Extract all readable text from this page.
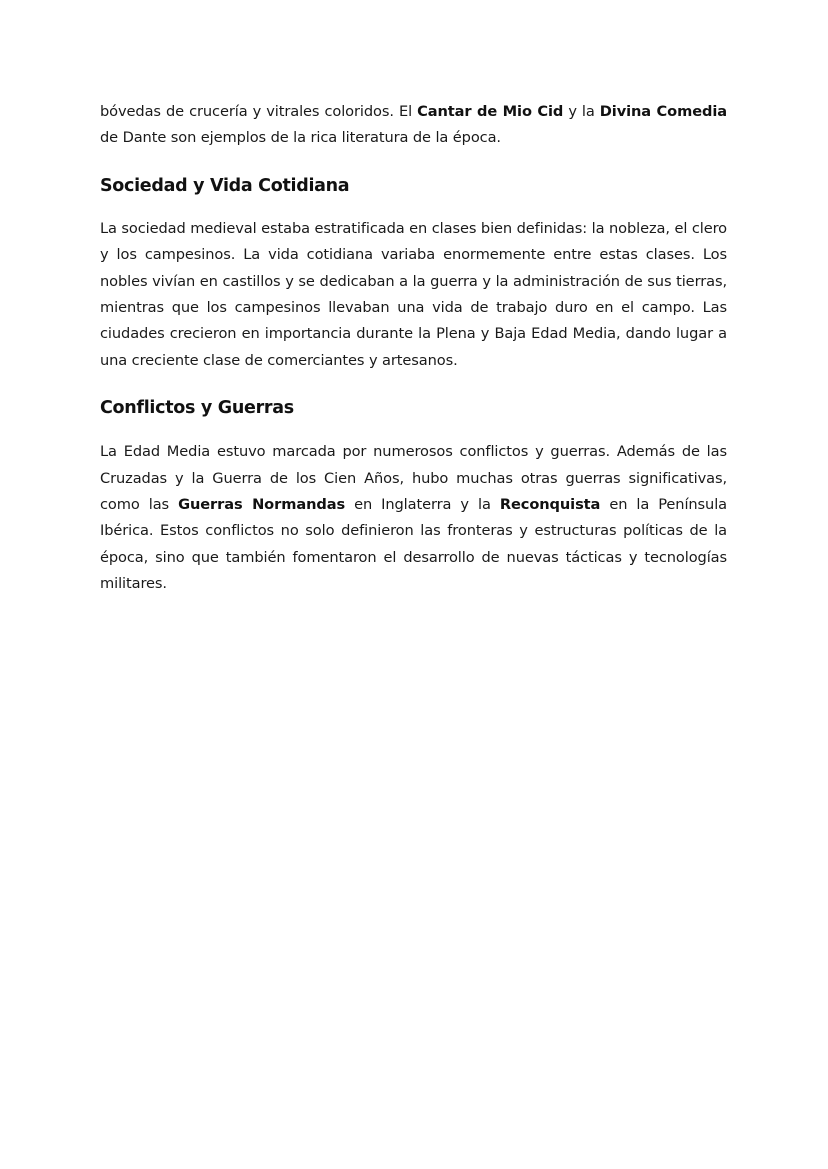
bóvedas de crucería y vitrales coloridos. El Cantar de Mio Cid y la Divina Comedia de Dante son ejemplos de la rica literatura de la época.

Sociedad y Vida Cotidiana

La sociedad medieval estaba estratificada en clases bien definidas: la nobleza, el clero y los campesinos. La vida cotidiana variaba enormemente entre estas clases. Los nobles vivían en castillos y se dedicaban a la guerra y la administración de sus tierras, mientras que los campesinos llevaban una vida de trabajo duro en el campo. Las ciudades crecieron en importancia durante la Plena y Baja Edad Media, dando lugar a una creciente clase de comerciantes y artesanos.

Conflictos y Guerras

La Edad Media estuvo marcada por numerosos conflictos y guerras. Además de las Cruzadas y la Guerra de los Cien Años, hubo muchas otras guerras significativas, como las Guerras Normandas en Inglaterra y la Reconquista en la Península Ibérica. Estos conflictos no solo definieron las fronteras y estructuras políticas de la época, sino que también fomentaron el desarrollo de nuevas tácticas y tecnologías militares.
